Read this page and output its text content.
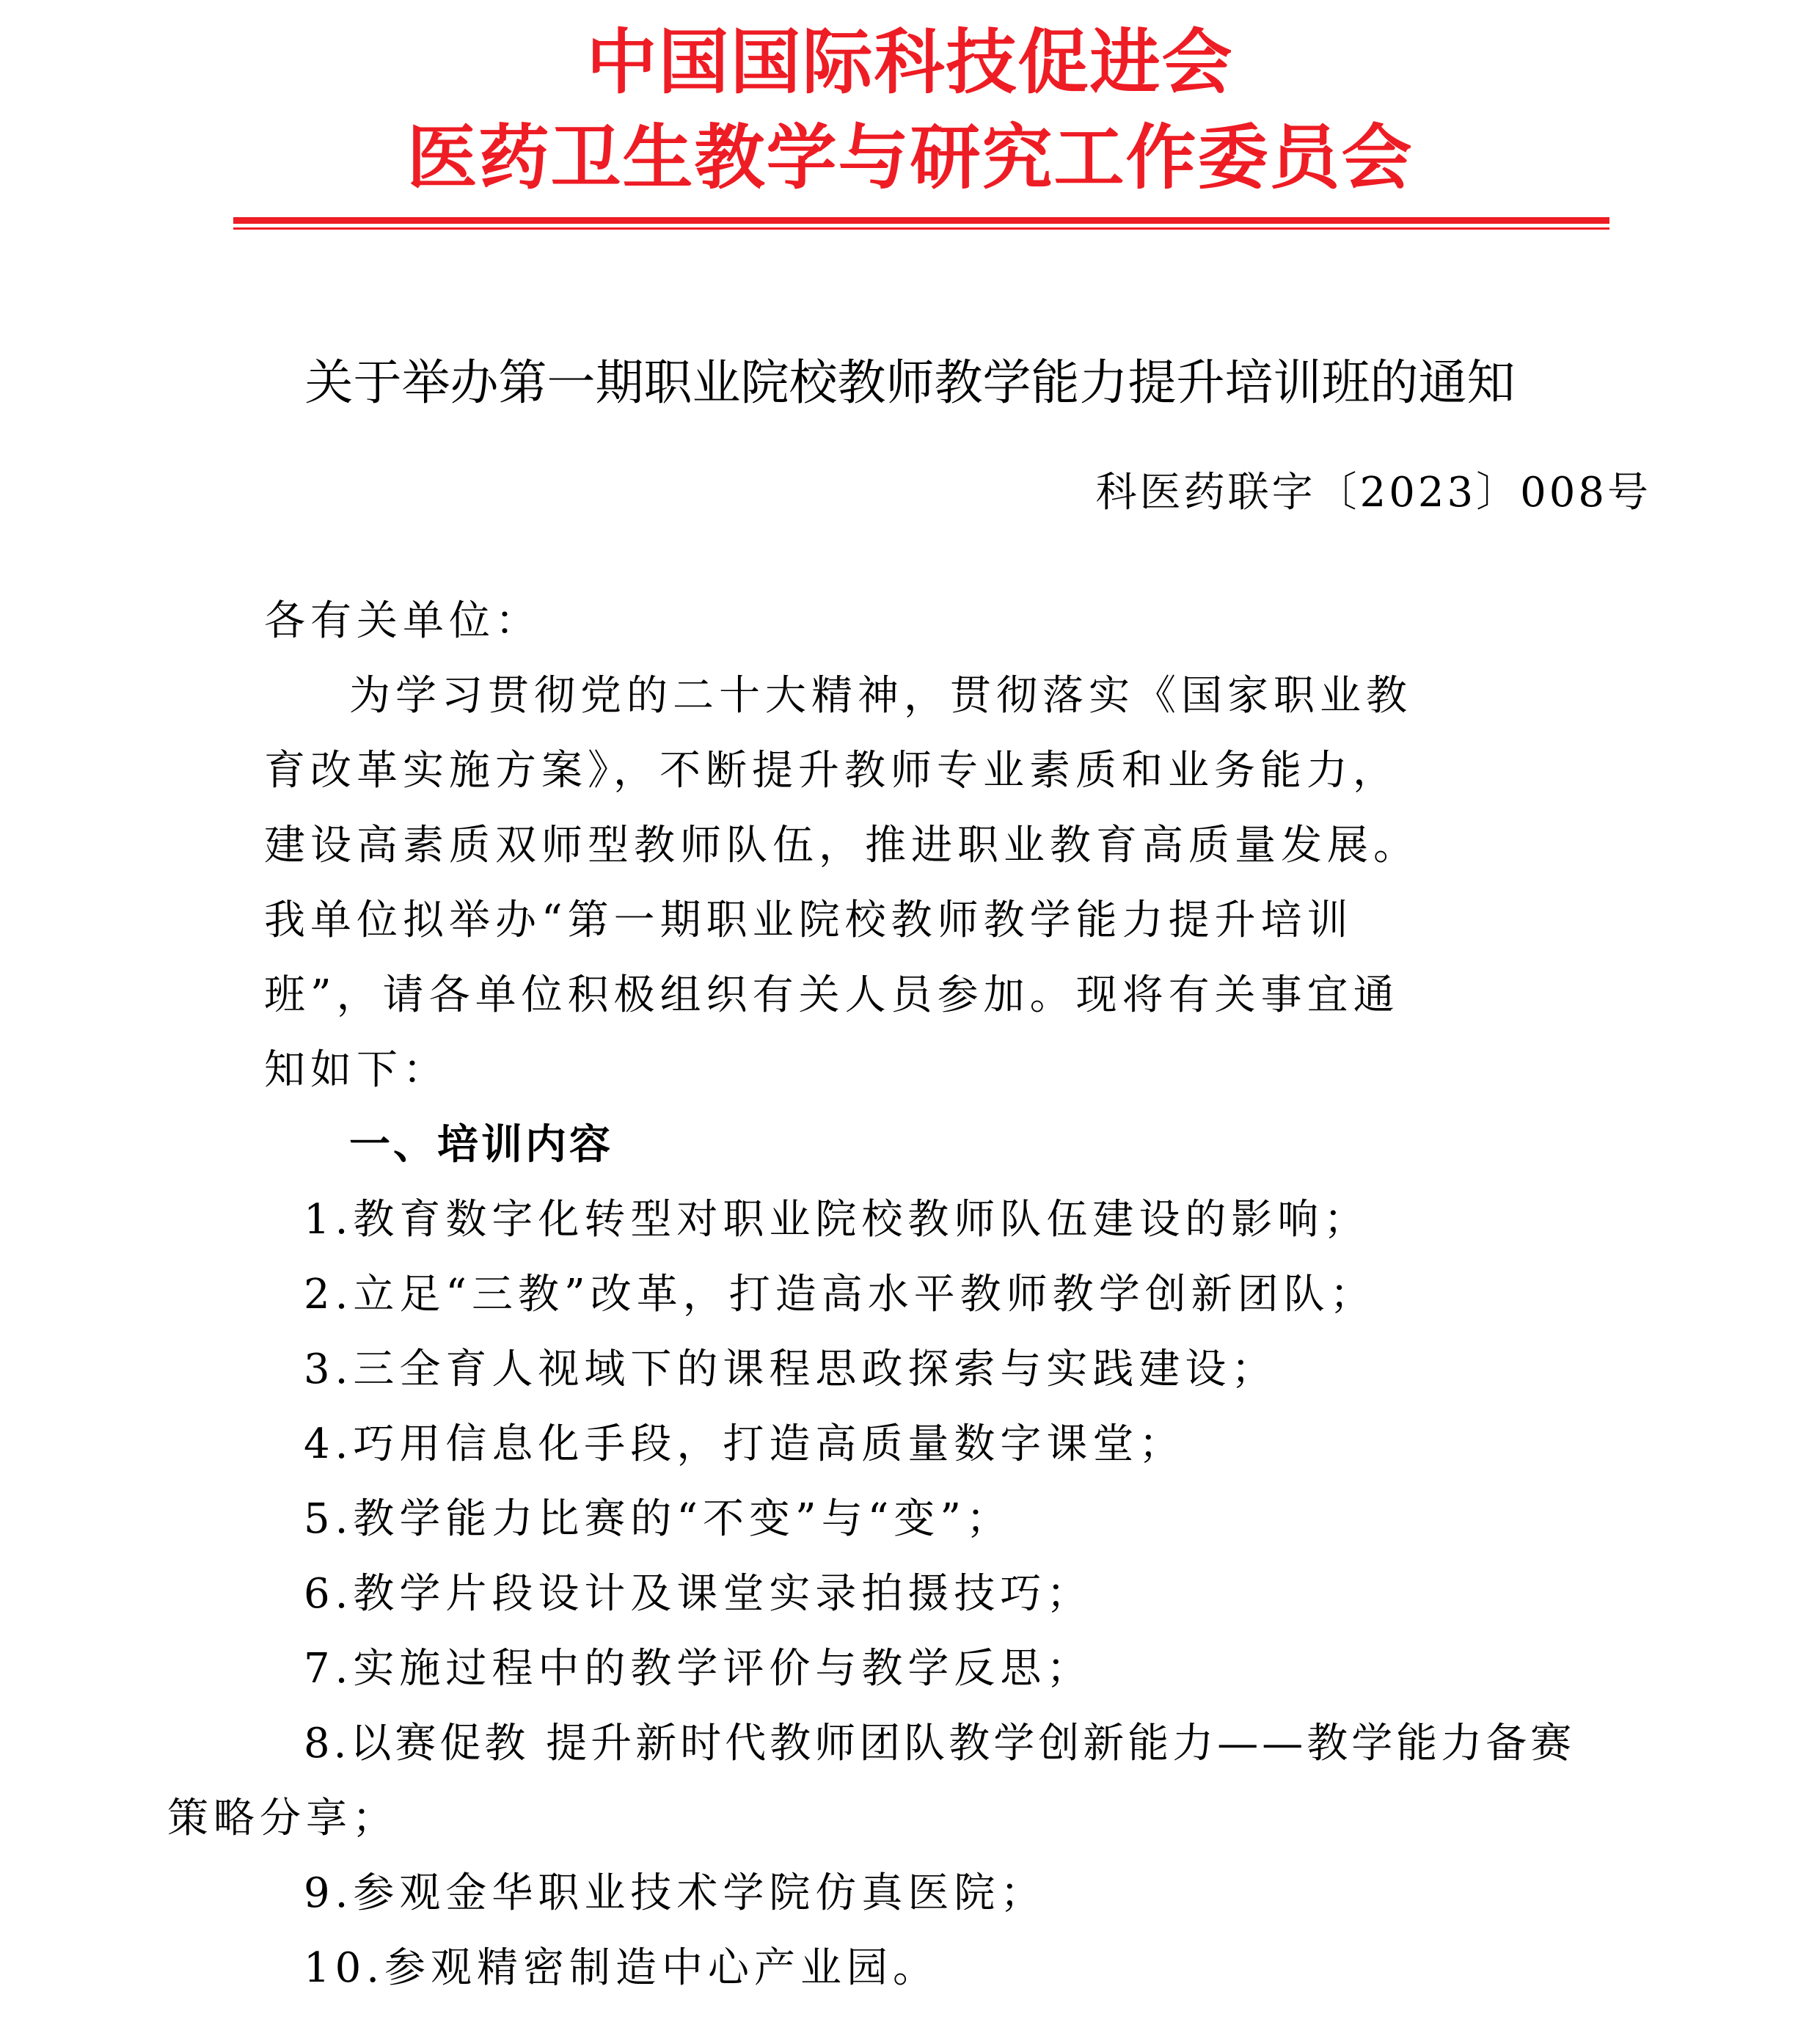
中国国际科技促进会
医药卫生教学与研究工作委员会
关于举办第一期职业院校教师教学能力提升培训班的通知
科医药联字〔2023〕008号
各有关单位：
为学习贯彻党的二十大精神，贯彻落实《国家职业教
育改革实施方案》，不断提升教师专业素质和业务能力，
建设高素质双师型教师队伍，推进职业教育高质量发展。
我单位拟举办“第一期职业院校教师教学能力提升培训
班”，请各单位积极组织有关人员参加。现将有关事宜通
知如下：
一、培训内容
1.教育数字化转型对职业院校教师队伍建设的影响；
2.立足“三教”改革，打造高水平教师教学创新团队；
3.三全育人视域下的课程思政探索与实践建设；
4.巧用信息化手段，打造高质量数字课堂；
5.教学能力比赛的“不变”与“变”；
6.教学片段设计及课堂实录拍摄技巧；
7.实施过程中的教学评价与教学反思；
8.以赛促教 提升新时代教师团队教学创新能力——教学能力备赛
策略分享；
9.参观金华职业技术学院仿真医院；
10.参观精密制造中心产业园。
